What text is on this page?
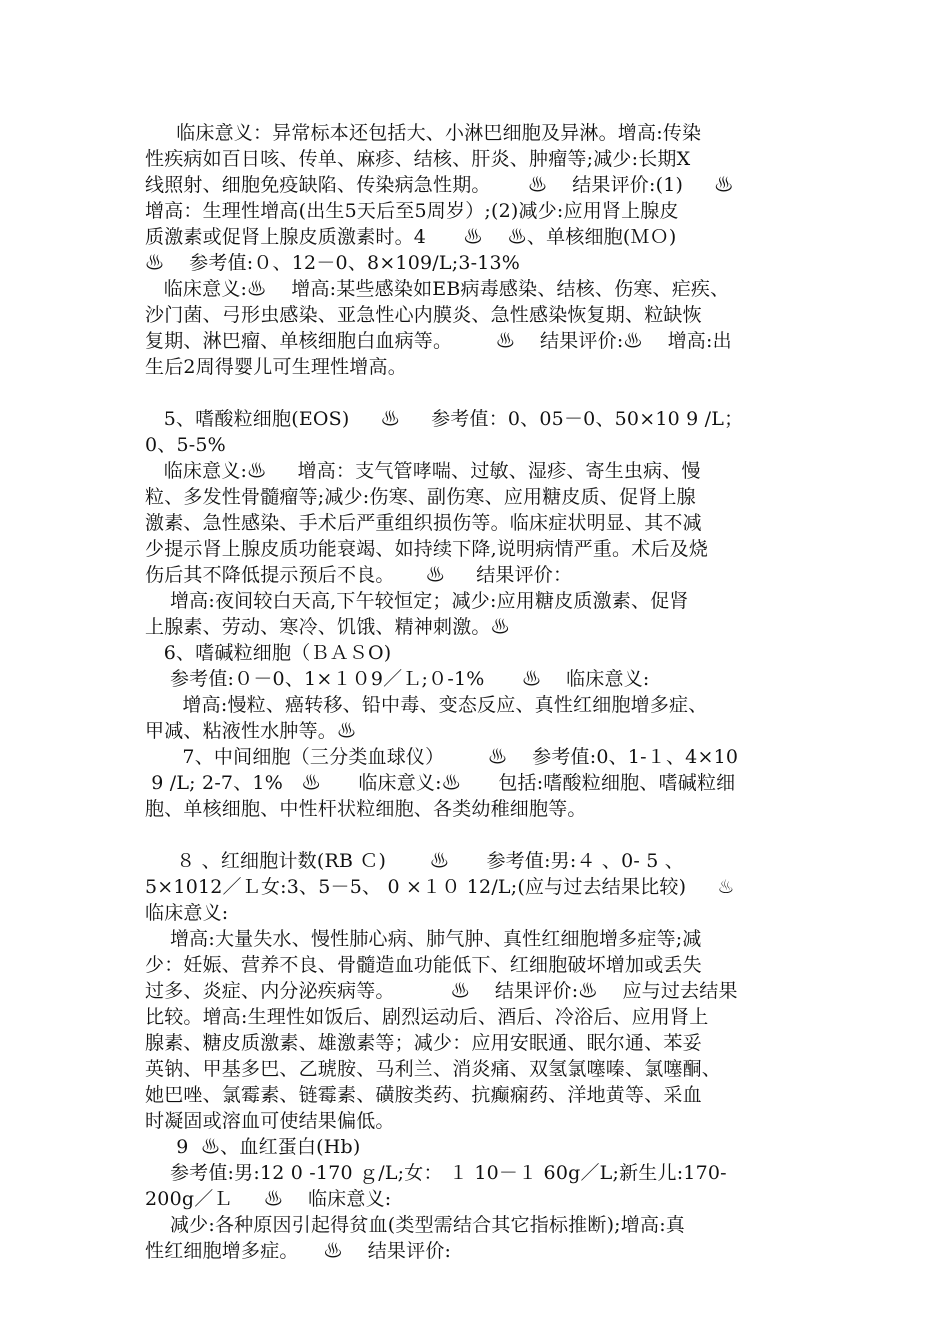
临床意义：异常标本还包括大、小淋巴细胞及异淋。增高:传染
性疾病如百日咳、传单、麻疹、结核、肝炎、肿瘤等;减少:长期X
线照射、细胞免疫缺陷、传染病急性期。      ♨    结果评价:(1)     ♨
增高：生理性增高(出生5天后至5周岁）;(2)减少:应用肾上腺皮
质激素或促肾上腺皮质激素时。4      ♨    ♨、单核细胞(ＭＯ)
♨    参考值:０、12－0、8×109/L;3-13%
临床意义:♨    增高:某些感染如EB病毒感染、结核、伤寒、疟疾、
沙门菌、弓形虫感染、亚急性心内膜炎、急性感染恢复期、粒缺恢
复期、淋巴瘤、单核细胞白血病等。       ♨    结果评价:♨    增高:出
生后2周得婴儿可生理性增高。
5、嗜酸粒细胞(EOS)     ♨     参考值：0、05－0、50×10 9 /L；
0、5-5%
临床意义:♨     增高：支气管哮喘、过敏、湿疹、寄生虫病、慢
粒、多发性骨髓瘤等;减少:伤寒、副伤寒、应用糖皮质、促肾上腺
激素、急性感染、手术后严重组织损伤等。临床症状明显、其不减
少提示肾上腺皮质功能衰竭、如持续下降,说明病情严重。术后及烧
伤后其不降低提示预后不良。     ♨     结果评价：
增高:夜间较白天高,下午较恒定；减少:应用糖皮质激素、促肾
上腺素、劳动、寒冷、饥饿、精神刺激。♨
6、嗜碱粒细胞（ＢＡＳO)
参考值:０－0、1×１０9／Ｌ;０-1%      ♨    临床意义:
增高:慢粒、癌转移、铅中毒、变态反应、真性红细胞增多症、
甲减、粘液性水肿等。♨
7、中间细胞（三分类血球仪）       ♨    参考值:0、1-１、4×10
9 /L; 2-7、1%   ♨      临床意义:♨      包括:嗜酸粒细胞、嗜碱粒细
胞、单核细胞、中性杆状粒细胞、各类幼稚细胞等。
８ 、红细胞计数(RB Ｃ)       ♨      参考值:男:４ 、0- 5 、
5×1012／Ｌ女:3、5－5、 0 ×１０ 12/L;(应与过去结果比较)     ♨
临床意义:
增高:大量失水、慢性肺心病、肺气肿、真性红细胞增多症等;减
少：妊娠、营养不良、骨髓造血功能低下、红细胞破坏增加或丢失
过多、炎症、内分泌疾病等。         ♨    结果评价:♨    应与过去结果
比较。增高:生理性如饭后、剧烈运动后、酒后、冷浴后、应用肾上
腺素、糖皮质激素、雄激素等；减少：应用安眠通、眠尔通、苯妥
英钠、甲基多巴、乙琥胺、马利兰、消炎痛、双氢氯噻嗪、氯噻酮、
她巴唑、氯霉素、链霉素、磺胺类药、抗癫痫药、洋地黄等、采血
时凝固或溶血可使结果偏低。
9  ♨、血红蛋白(Hb)
参考值:男:12 0 -170 ｇ/L;女： １ 10－１ 60g／L;新生儿:170-
200g／Ｌ     ♨    临床意义:
减少:各种原因引起得贫血(类型需结合其它指标推断);增高:真
性红细胞增多症。    ♨    结果评价:
